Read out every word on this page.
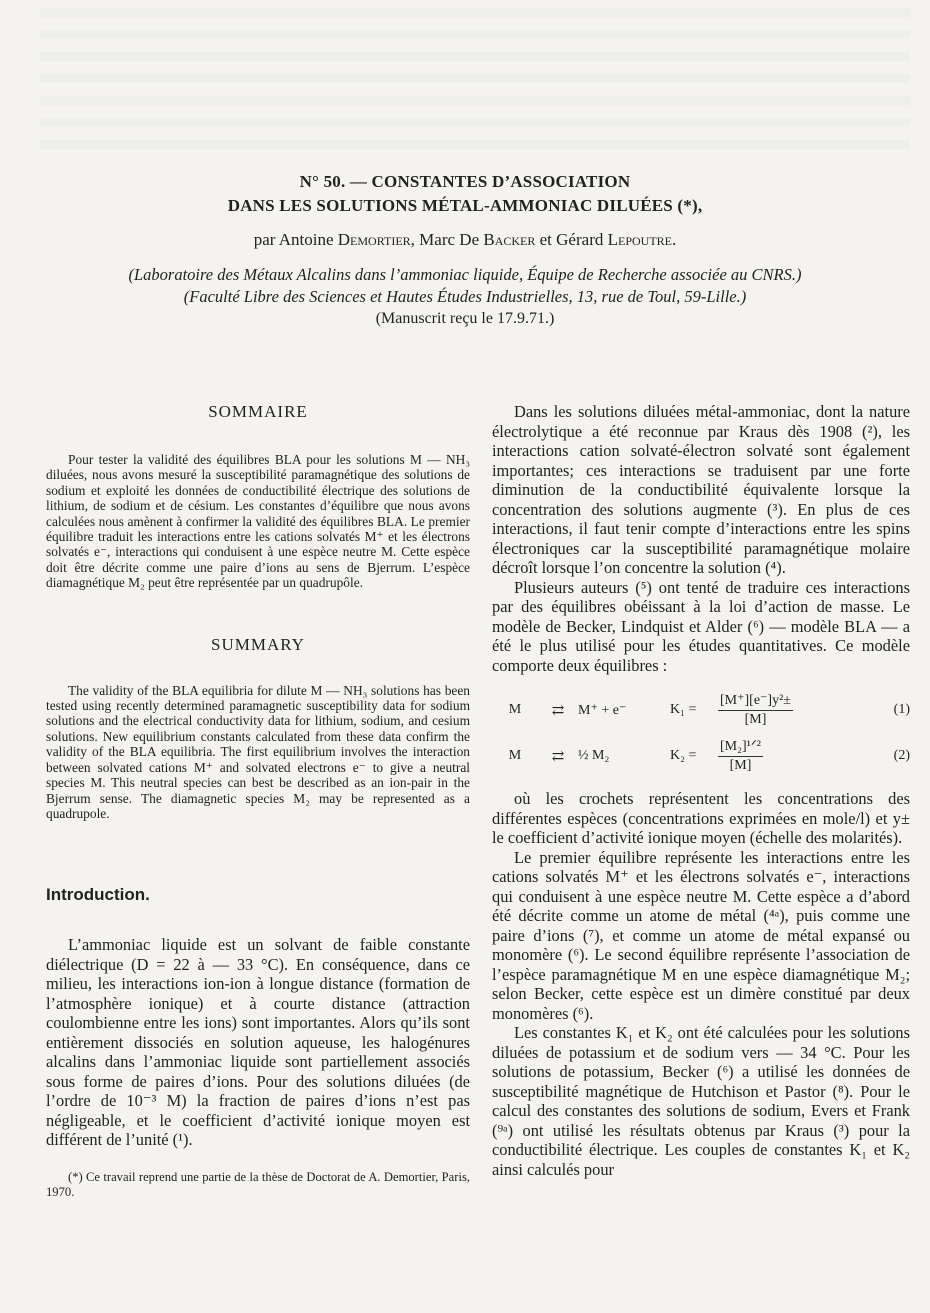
N° 50. — CONSTANTES D’ASSOCIATION
DANS LES SOLUTIONS MÉTAL-AMMONIAC DILUÉES (*),
par Antoine Demortier, Marc De Backer et Gérard Lepoutre.
(Laboratoire des Métaux Alcalins dans l’ammoniac liquide, Équipe de Recherche associée au CNRS.)
(Faculté Libre des Sciences et Hautes Études Industrielles, 13, rue de Toul, 59-Lille.)
(Manuscrit reçu le 17.9.71.)
SOMMAIRE

Pour tester la validité des équilibres BLA pour les solutions M — NH₃ diluées, nous avons mesuré la susceptibilité paramagnétique des solutions de sodium et exploité les données de conductibilité électrique des solutions de lithium, de sodium et de césium. Les constantes d’équilibre que nous avons calculées nous amènent à confirmer la validité des équilibres BLA. Le premier équilibre traduit les interactions entre les cations solvatés M⁺ et les électrons solvatés e⁻, interactions qui conduisent à une espèce neutre M. Cette espèce doit être décrite comme une paire d’ions au sens de Bjerrum. L’espèce diamagnétique M₂ peut être représentée par un quadrupôle.

SUMMARY

The validity of the BLA equilibria for dilute M — NH₃ solutions has been tested using recently determined paramagnetic susceptibility data for sodium solutions and the electrical conductivity data for lithium, sodium, and cesium solutions. New equilibrium constants calculated from these data confirm the validity of the BLA equilibria. The first equilibrium involves the interaction between solvated cations M⁺ and solvated electrons e⁻ to give a neutral species M. This neutral species can best be described as an ion-pair in the Bjerrum sense. The diamagnetic species M₂ may be represented as a quadrupole.

Introduction.

L’ammoniac liquide est un solvant de faible constante diélectrique (D = 22 à — 33 °C). En conséquence, dans ce milieu, les interactions ion-ion à longue distance (formation de l’atmosphère ionique) et à courte distance (attraction coulombienne entre les ions) sont importantes. Alors qu’ils sont entièrement dissociés en solution aqueuse, les halogénures alcalins dans l’ammoniac liquide sont partiellement associés sous forme de paires d’ions. Pour des solutions diluées (de l’ordre de 10⁻³ M) la fraction de paires d’ions n’est pas négligeable, et le coefficient d’activité ionique moyen est différent de l’unité (¹).

(*) Ce travail reprend une partie de la thèse de Doctorat de A. Demortier, Paris, 1970.

Dans les solutions diluées métal-ammoniac, dont la nature électrolytique a été reconnue par Kraus dès 1908 (²), les interactions cation solvaté-électron solvaté sont également importantes; ces interactions se traduisent par une forte diminution de la conductibilité équivalente lorsque la concentration des solutions augmente (³). En plus de ces interactions, il faut tenir compte d’interactions entre les spins électroniques car la susceptibilité paramagnétique molaire décroît lorsque l’on concentre la solution (⁴).

Plusieurs auteurs (⁵) ont tenté de traduire ces interactions par des équilibres obéissant à la loi d’action de masse. Le modèle de Becker, Lindquist et Alder (⁶) — modèle BLA — a été le plus utilisé pour les études quantitatives. Ce modèle comporte deux équilibres :

M	⇄ M⁺ + e⁻	K₁ =	$\frac{\text{[M⁺][e⁻]y²±}}{[M]}$	(1)
M	⇄ ½ M₂	K₂ =	$\frac{\text{[M₂]¹ᐟ²}}{[M]}$	(2)

où les crochets représentent les concentrations des différentes espèces (concentrations exprimées en mole/l) et y± le coefficient d’activité ionique moyen (échelle des molarités).

Le premier équilibre représente les interactions entre les cations solvatés M⁺ et les électrons solvatés e⁻, interactions qui conduisent à une espèce neutre M. Cette espèce a d’abord été décrite comme un atome de métal (⁴ᵃ), puis comme une paire d’ions (⁷), et comme un atome de métal expansé ou monomère (⁶). Le second équilibre représente l’association de l’espèce paramagnétique M en une espèce diamagnétique M₂; selon Becker, cette espèce est un dimère constitué par deux monomères (⁶).

Les constantes K₁ et K₂ ont été calculées pour les solutions diluées de potassium et de sodium vers — 34 °C. Pour les solutions de potassium, Becker (⁶) a utilisé les données de susceptibilité magnétique de Hutchison et Pastor (⁸). Pour le calcul des constantes des solutions de sodium, Evers et Frank (⁹ᵃ) ont utilisé les résultats obtenus par Kraus (³) pour la conductibilité électrique. Les couples de constantes K₁ et K₂ ainsi calculés pour
